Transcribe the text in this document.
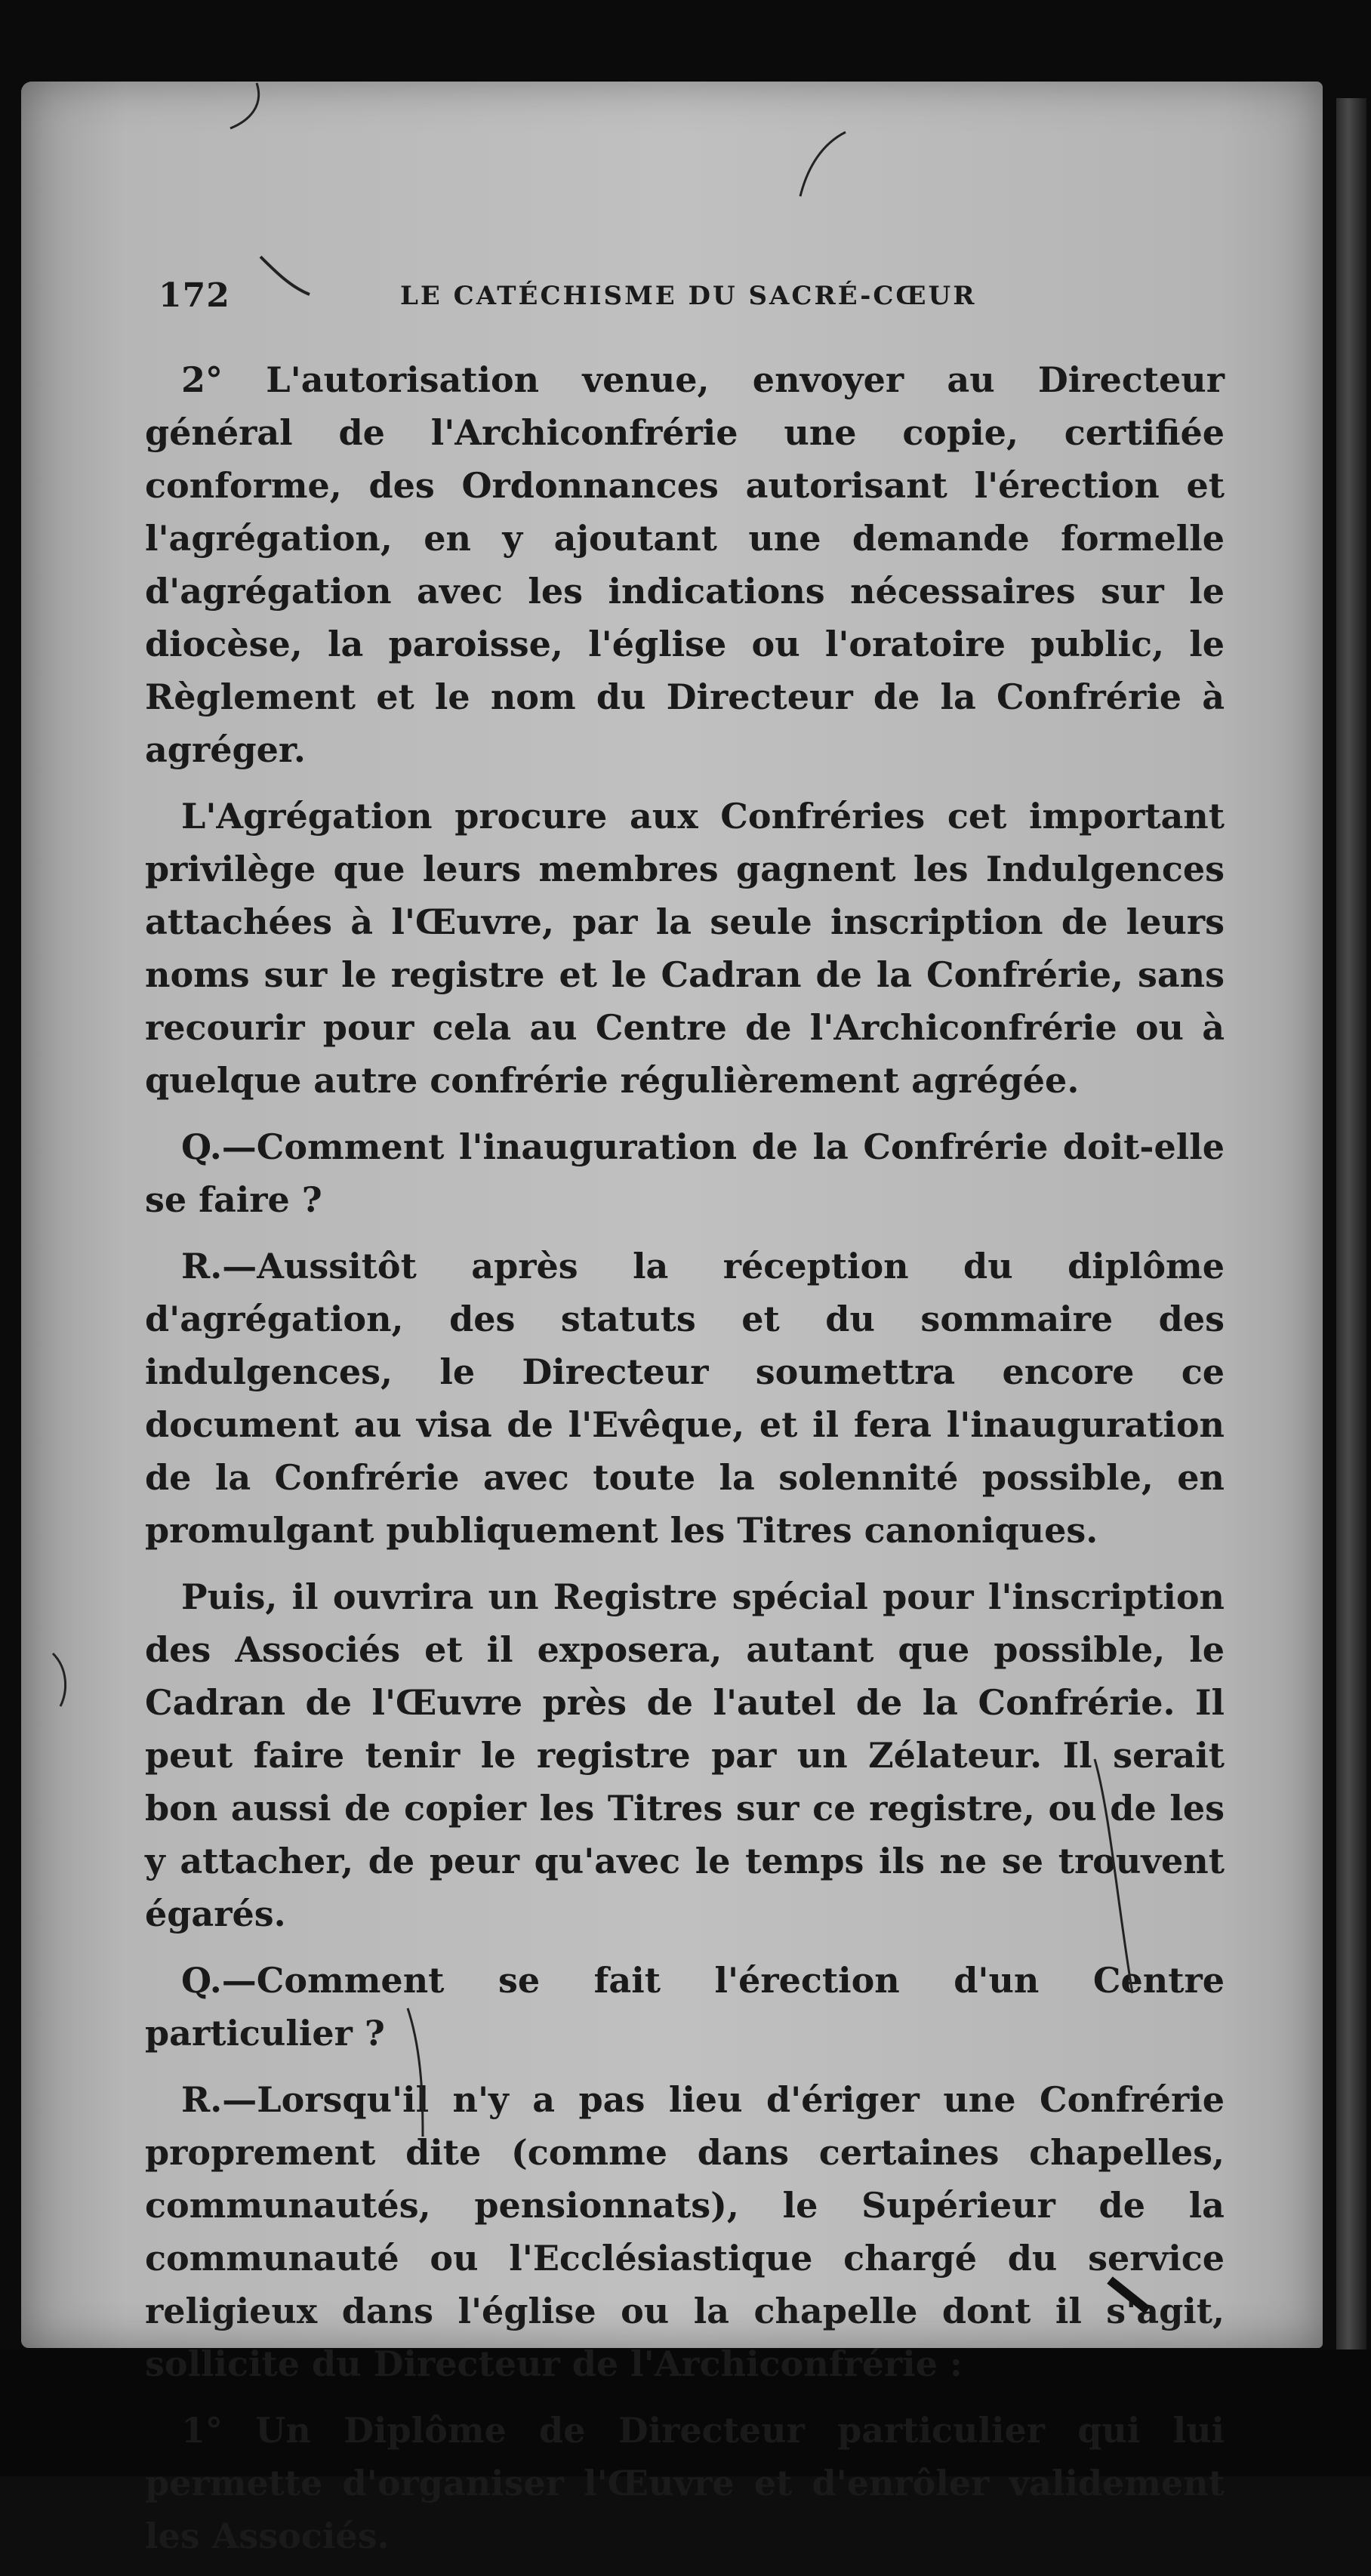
172	LE CATÉCHISME DU SACRÉ-CŒUR

2° L'autorisation venue, envoyer au Directeur général de l'Archiconfrérie une copie, certifiée conforme, des Ordonnances autorisant l'érection et l'agrégation, en y ajoutant une demande formelle d'agrégation avec les indications nécessaires sur le diocèse, la paroisse, l'église ou l'oratoire public, le Règlement et le nom du Directeur de la Confrérie à agréger.

L'Agrégation procure aux Confréries cet important privilège que leurs membres gagnent les Indulgences attachées à l'Œuvre, par la seule inscription de leurs noms sur le registre et le Cadran de la Confrérie, sans recourir pour cela au Centre de l'Archiconfrérie ou à quelque autre confrérie régulièrement agrégée.

Q.—Comment l'inauguration de la Confrérie doit-elle se faire ?

R.—Aussitôt après la réception du diplôme d'agrégation, des statuts et du sommaire des indulgences, le Directeur soumettra encore ce document au visa de l'Evêque, et il fera l'inauguration de la Confrérie avec toute la solennité possible, en promulgant publiquement les Titres canoniques.

Puis, il ouvrira un Registre spécial pour l'inscription des Associés et il exposera, autant que possible, le Cadran de l'Œuvre près de l'autel de la Confrérie. Il peut faire tenir le registre par un Zélateur. Il serait bon aussi de copier les Titres sur ce registre, ou de les y attacher, de peur qu'avec le temps ils ne se trouvent égarés.

Q.—Comment se fait l'érection d'un Centre particulier ?

R.—Lorsqu'il n'y a pas lieu d'ériger une Confrérie proprement dite (comme dans certaines chapelles, communautés, pensionnats), le Supérieur de la communauté ou l'Ecclésiastique chargé du service religieux dans l'église ou la chapelle dont il s'agit, sollicite du Directeur de l'Archiconfrérie :

1° Un Diplôme de Directeur particulier qui lui permette d'organiser l'Œuvre et d'enrôler validement les Associés.
